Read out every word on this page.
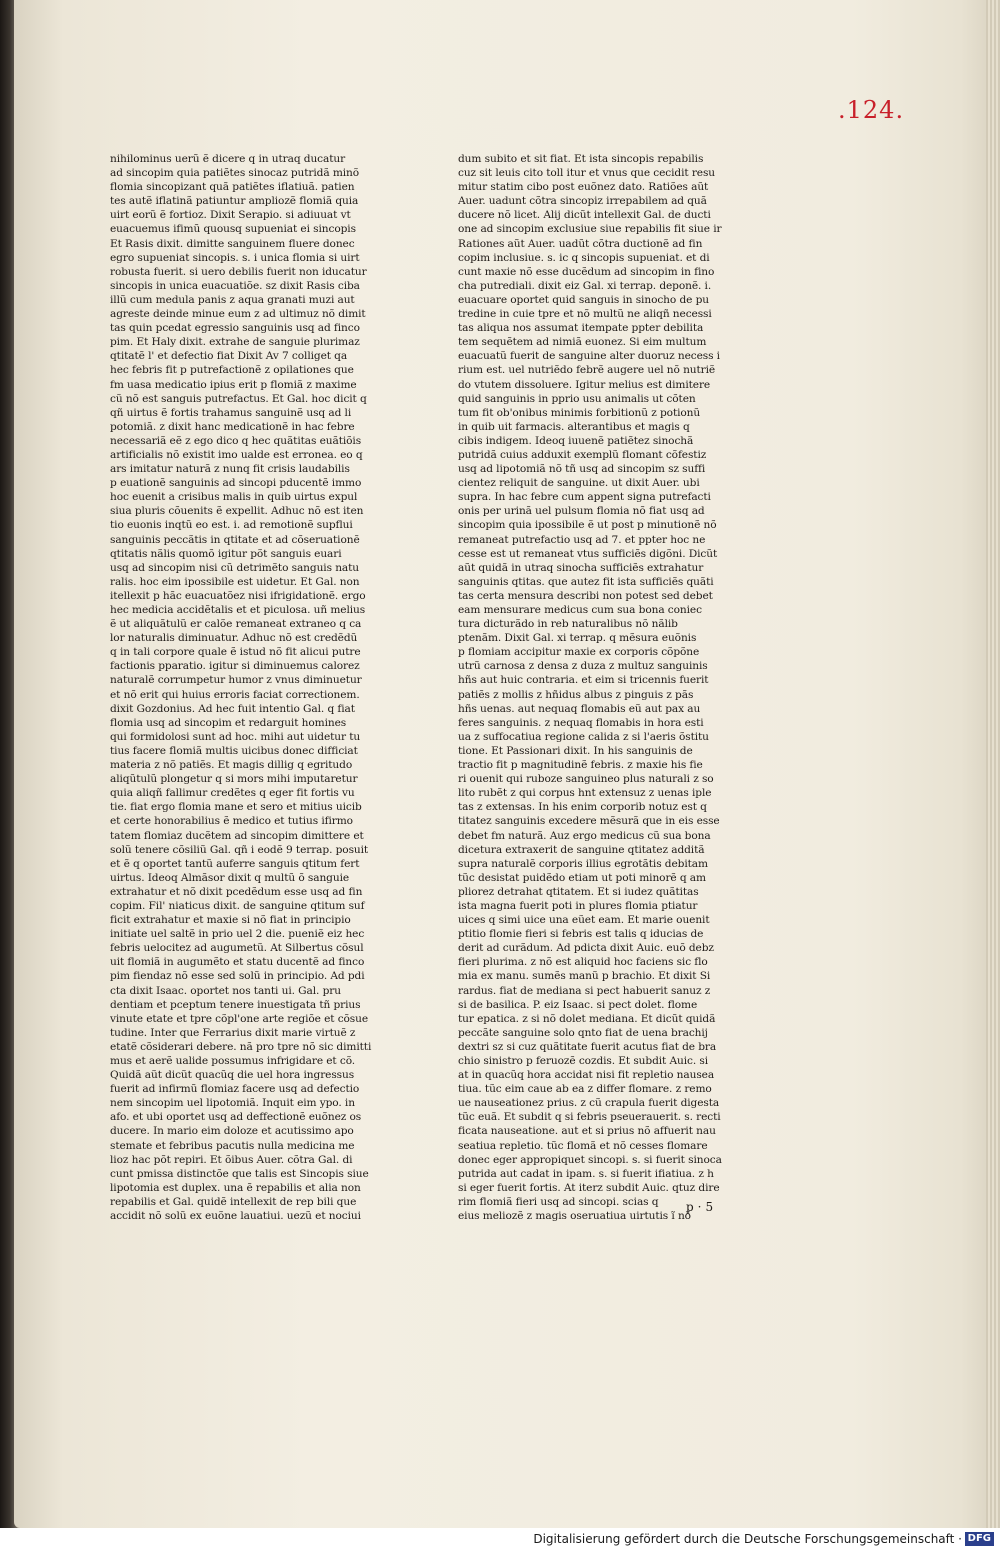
.124.
nihilominus uerũ ẽ dicere q in utraq ducatur
ad sincopim quia patiẽtes sinocaz putridã minõ
flomia sincopizant quã patiẽtes iflatiuã. patien
tes autẽ iflatinã patiuntur ampliozẽ flomiã quia
uirt eorũ ẽ fortioz. Dixit Serapio. si adiuuat vt
euacuemus ifimũ quousq supueniat ei sincopis
Et Rasis dixit. dimitte sanguinem fluere donec
egro supueniat sincopis. s. i unica flomia si uirt
robusta fuerit. si uero debilis fuerit non iducatur
sincopis in unica euacuatiõe. sz dixit Rasis ciba
illũ cum medula panis z aqua granati muzi aut
agreste deinde minue eum z ad ultimuz nõ dimit
tas quin pcedat egressio sanguinis usq ad finco
pim. Et Haly dixit. extrahe de sanguie plurimaz
qtitatẽ l' et defectio fiat Dixit Av 7 colliget qa
hec febris fit p putrefactionẽ z opilationes que
fm uasa medicatio ipius erit p flomiã z maxime
cũ nõ est sanguis putrefactus. Et Gal. hoc dicit q
qñ uirtus ẽ fortis trahamus sanguinẽ usq ad li
potomiã. z dixit hanc medicationẽ in hac febre
necessariã eẽ z ego dico q hec quãtitas euãtiõis
artificialis nõ existit imo ualde est erronea. eo q
ars imitatur naturã z nunq fit crisis laudabilis
p euationẽ sanguinis ad sincopi pducentẽ immo
hoc euenit a crisibus malis in quib uirtus expul
siua pluris cõuenits ẽ expellit. Adhuc nõ est iten
tio euonis inqtũ eo est. i. ad remotionẽ supflui
sanguinis peccãtis in qtitate et ad cõseruationẽ
qtitatis nãlis quomõ igitur põt sanguis euari
usq ad sincopim nisi cũ detrimẽto sanguis natu
ralis. hoc eim ipossibile est uidetur. Et Gal. non
itellexit p hãc euacuatõez nisi ifrigidationẽ. ergo
hec medicia accidẽtalis et et piculosa. uñ melius
ẽ ut aliquãtulũ er calõe remaneat extraneo q ca
lor naturalis diminuatur. Adhuc nõ est credẽdũ
q in tali corpore quale ẽ istud nõ fit alicui putre
factionis pparatio. igitur si diminuemus calorez
naturalẽ corrumpetur humor z vnus diminuetur
et nõ erit qui huius erroris faciat correctionem.
dixit Gozdonius. Ad hec fuit intentio Gal. q fiat
flomia usq ad sincopim et redarguit homines
qui formidolosi sunt ad hoc. mihi aut uidetur tu
tius facere flomiã multis uicibus donec difficiat
materia z nõ patiẽs. Et magis dillig q egritudo
aliqũtulũ plongetur q si mors mihi imputaretur
quia aliqñ fallimur credẽtes q eger fit fortis vu
tie. fiat ergo flomia mane et sero et mitius uicib
et certe honorabilius ẽ medico et tutius ifirmo
tatem flomiaz ducẽtem ad sincopim dimittere et
solũ tenere cõsiliũ Gal. qñ i eodẽ 9 terrap. posuit
et ẽ q oportet tantũ auferre sanguis qtitum fert
uirtus. Ideoq Almãsor dixit q multũ õ sanguie
extrahatur et nõ dixit pcedẽdum esse usq ad fin
copim. Fil' niaticus dixit. de sanguine qtitum suf
ficit extrahatur et maxie si nõ fiat in principio
initiate uel saltẽ in prio uel 2 die. pueniẽ eiz hec
febris uelocitez ad augumetũ. At Silbertus cõsul
uit flomiã in augumẽto et statu ducentẽ ad finco
pim fiendaz nõ esse sed solũ in principio. Ad pdi
cta dixit Isaac. oportet nos tanti ui. Gal. pru
dentiam et pceptum tenere inuestigata tñ prius
vinute etate et tpre cõpl'one arte regiõe et cõsue
tudine. Inter que Ferrarius dixit marie virtuẽ z
etatẽ cõsiderari debere. nã pro tpre nõ sic dimitti
mus et aerẽ ualide possumus infrigidare et cõ.
Quidã aũt dicũt quacũq die uel hora ingressus
fuerit ad infirmũ flomiaz facere usq ad defectio
nem sincopim uel lipotomiã. Inquit eim ypo. in
afo. et ubi oportet usq ad deffectionẽ euõnez os
ducere. In mario eim doloze et acutissimo apo
stemate et febribus pacutis nulla medicina me
lioz hac põt repiri. Et õibus Auer. cõtra Gal. di
cunt pmissa distinctõe que talis est Sincopis siue
lipotomia est duplex. una ẽ repabilis et alia non
repabilis et Gal. quidẽ intellexit de rep bili que
accidit nõ solũ ex euõne lauatiui. uezũ et nociui
dum subito et sit fiat. Et ista sincopis repabilis
cuz sit leuis cito toll itur et vnus que cecidit resu
mitur statim cibo post euõnez dato. Ratiões aũt
Auer. uadunt cõtra sincopiz irrepabilem ad quã
ducere nõ licet. Alij dicũt intellexit Gal. de ducti
one ad sincopim exclusiue siue repabilis fit siue ir
Rationes aũt Auer. uadũt cõtra ductionẽ ad fin
copim inclusiue. s. ic q sincopis supueniat. et di
cunt maxie nõ esse ducẽdum ad sincopim in fino
cha putrediali. dixit eiz Gal. xi terrap. deponẽ. i.
euacuare oportet quid sanguis in sinocho de pu
tredine in cuie tpre et nõ multũ ne aliqñ necessi
tas aliqua nos assumat itempate ppter debilita
tem sequẽtem ad nimiã euonez. Si eim multum
euacuatũ fuerit de sanguine alter duoruz necess i
rium est. uel nutriẽdo febrẽ augere uel nõ nutriẽ
do vtutem dissoluere. Igitur melius est dimitere
quid sanguinis in pprio usu animalis ut cõten
tum fit ob'onibus minimis forbitionũ z potionũ
in quib uit farmacis. alterantibus et magis q
cibis indigem. Ideoq iuuenẽ patiẽtez sinochã
putridã cuius adduxit exemplũ flomant cõfestiz
usq ad lipotomiã nõ tñ usq ad sincopim sz suffi
cientez reliquit de sanguine. ut dixit Auer. ubi
supra. In hac febre cum appent signa putrefacti
onis per urinã uel pulsum flomia nõ fiat usq ad
sincopim quia ipossibile ẽ ut post p minutionẽ nõ
remaneat putrefactio usq ad 7. et ppter hoc ne
cesse est ut remaneat vtus sufficiẽs digõni. Dicũt
aũt quidã in utraq sinocha sufficiẽs extrahatur
sanguinis qtitas. que autez fit ista sufficiẽs quãti
tas certa mensura describi non potest sed debet
eam mensurare medicus cum sua bona coniec
tura dicturãdo in reb naturalibus nõ nãlib
ptenãm. Dixit Gal. xi terrap. q mẽsura euõnis
p flomiam accipitur maxie ex corporis cõpõne
utrũ carnosa z densa z duza z multuz sanguinis
hñs aut huic contraria. et eim si tricennis fuerit
patiẽs z mollis z hñidus albus z pinguis z pãs
hñs uenas. aut nequaq flomabis eũ aut pax au
feres sanguinis. z nequaq flomabis in hora esti
ua z suffocatiua regione calida z si l'aeris õstitu
tione. Et Passionari dixit. In his sanguinis de
tractio fit p magnitudinẽ febris. z maxie his fie
ri ouenit qui ruboze sanguineo plus naturali z so
lito rubẽt z qui corpus hnt extensuz z uenas iple
tas z extensas. In his enim corporib notuz est q
titatez sanguinis excedere mẽsurã que in eis esse
debet fm naturã. Auz ergo medicus cũ sua bona
dicetura extraxerit de sanguine qtitatez additã
supra naturalẽ corporis illius egrotãtis debitam
tũc desistat puidẽdo etiam ut poti minorẽ q am
pliorez detrahat qtitatem. Et si iudez quãtitas
ista magna fuerit poti in plures flomia ptiatur
uices q simi uice una eũet eam. Et marie ouenit
ptitio flomie fieri si febris est talis q iducias de
derit ad curãdum. Ad pdicta dixit Auic. euõ debz
fieri plurima. z nõ est aliquid hoc faciens sic flo
mia ex manu. sumẽs manũ p brachio. Et dixit Si
rardus. fiat de mediana si pect habuerit sanuz z
si de basilica. P. eiz Isaac. si pect dolet. flome
tur epatica. z si nõ dolet mediana. Et dicũt quidã
peccãte sanguine solo qnto fiat de uena brachij
dextri sz si cuz quãtitate fuerit acutus fiat de bra
chio sinistro p feruozẽ cozdis. Et subdit Auic. si
at in quacũq hora accidat nisi fit repletio nausea
tiua. tũc eim caue ab ea z differ flomare. z remo
ue nauseationez prius. z cũ crapula fuerit digesta
tũc euã. Et subdit q si febris pseuerauerit. s. recti
ficata nauseatione. aut et si prius nõ affuerit nau
seatiua repletio. tũc flomã et nõ cesses flomare
donec eger appropiquet sincopi. s. si fuerit sinoca
putrida aut cadat in ipam. s. si fuerit ifiatiua. z h
si eger fuerit fortis. At iterz subdit Auic. qtuz dire
rim flomiã fieri usq ad sincopi. scias q
eius meliozẽ z magis oseruatiua uirtutis ĩ nõ
p·5
Digitalisierung gefördert durch die Deutsche Forschungsgemeinschaft · DFG
